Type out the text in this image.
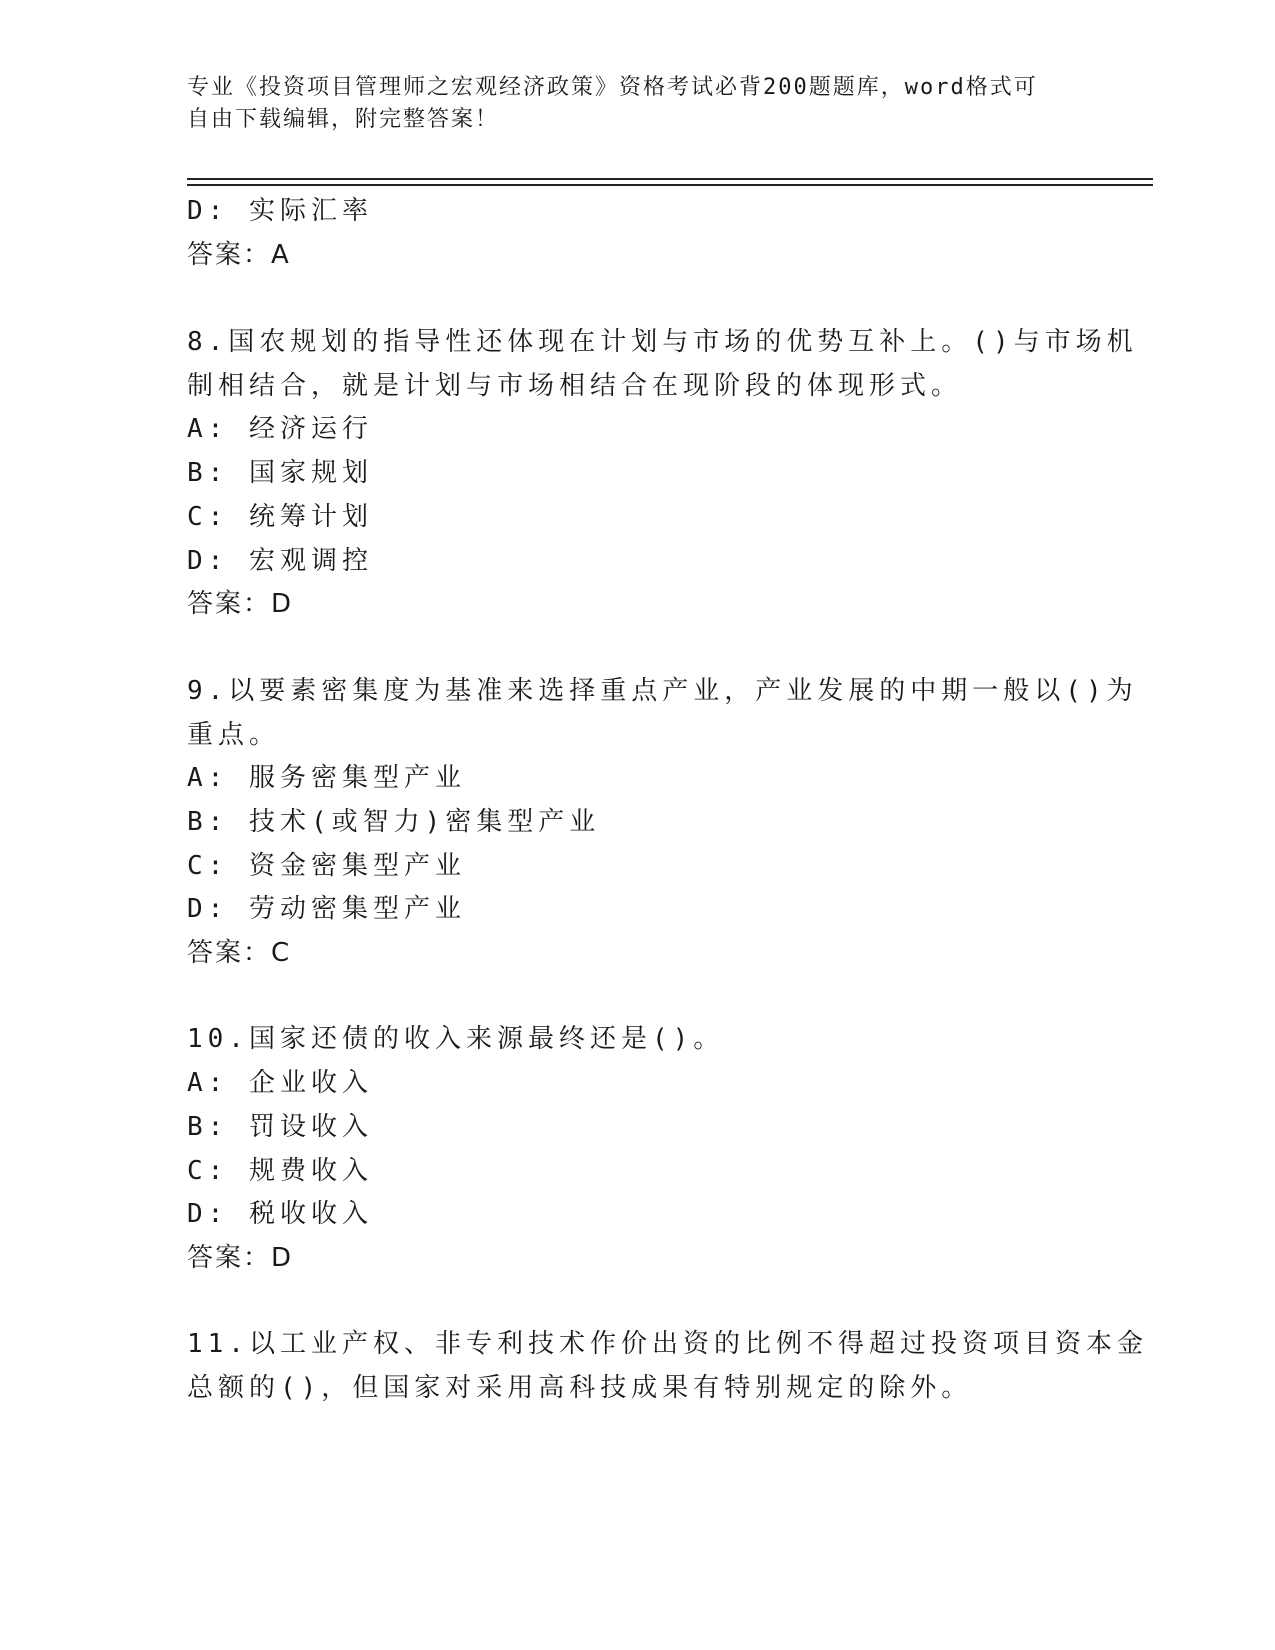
专业《投资项目管理师之宏观经济政策》资格考试必背200题题库，word格式可
自由下载编辑，附完整答案！
D: 实际汇率
答案：A
8.国农规划的指导性还体现在计划与市场的优势互补上。()与市场机
制相结合，就是计划与市场相结合在现阶段的体现形式。
A: 经济运行
B: 国家规划
C: 统筹计划
D: 宏观调控
答案：D
9.以要素密集度为基准来选择重点产业，产业发展的中期一般以()为
重点。
A: 服务密集型产业
B: 技术(或智力)密集型产业
C: 资金密集型产业
D: 劳动密集型产业
答案：C
10.国家还债的收入来源最终还是()。
A: 企业收入
B: 罚设收入
C: 规费收入
D: 税收收入
答案：D
11.以工业产权、非专利技术作价出资的比例不得超过投资项目资本金
总额的()，但国家对采用高科技成果有特别规定的除外。
